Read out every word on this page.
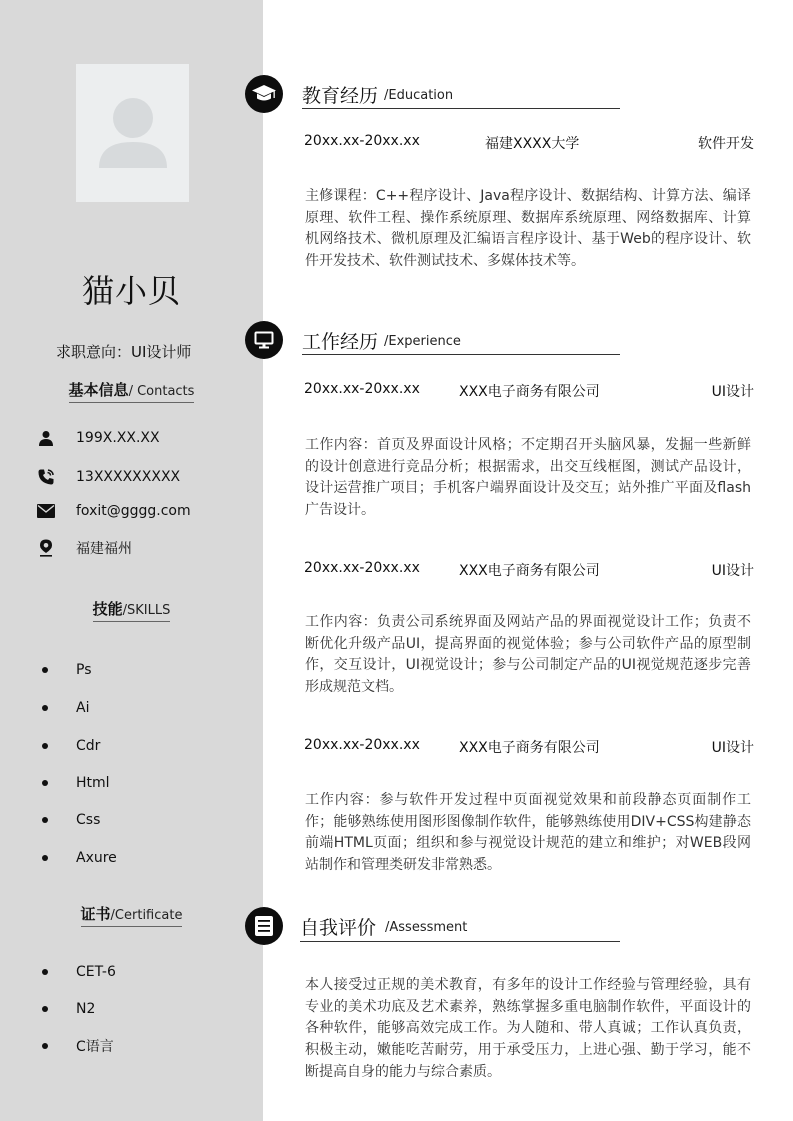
猫小贝
求职意向：UI设计师
基本信息/ Contacts
199X.XX.XX
13XXXXXXXXX
foxit@gggg.com
福建福州
技能/SKILLS
Ps
Ai
Cdr
Html
Css
Axure
证书/Certificate
CET-6
N2
C语言
教育经历 /Education
20xx.xx-20xx.xx	福建XXXX大学	软件开发
主修课程：C++程序设计、Java程序设计、数据结构、计算方法、编译原理、软件工程、操作系统原理、数据库系统原理、网络数据库、计算机网络技术、微机原理及汇编语言程序设计、基于Web的程序设计、软件开发技术、软件测试技术、多媒体技术等。
工作经历 /Experience
20xx.xx-20xx.xx	XXX电子商务有限公司	UI设计
工作内容：首页及界面设计风格；不定期召开头脑风暴，发掘一些新鲜的设计创意进行竞品分析；根据需求，出交互线框图，测试产品设计，设计运营推广项目；手机客户端界面设计及交互；站外推广平面及flash广告设计。
20xx.xx-20xx.xx	XXX电子商务有限公司	UI设计
工作内容：负责公司系统界面及网站产品的界面视觉设计工作；负责不断优化升级产品UI，提高界面的视觉体验；参与公司软件产品的原型制作，交互设计，UI视觉设计；参与公司制定产品的UI视觉规范逐步完善形成规范文档。
20xx.xx-20xx.xx	XXX电子商务有限公司	UI设计
工作内容：参与软件开发过程中页面视觉效果和前段静态页面制作工作；能够熟练使用图形图像制作软件，能够熟练使用DIV+CSS构建静态前端HTML页面；组织和参与视觉设计规范的建立和维护；对WEB段网站制作和管理类研发非常熟悉。
自我评价 /Assessment
本人接受过正规的美术教育，有多年的设计工作经验与管理经验，具有专业的美术功底及艺术素养，熟练掌握多重电脑制作软件，平面设计的各种软件，能够高效完成工作。为人随和、带人真诚；工作认真负责，积极主动，嫩能吃苦耐劳，用于承受压力，上进心强、勤于学习，能不断提高自身的能力与综合素质。
